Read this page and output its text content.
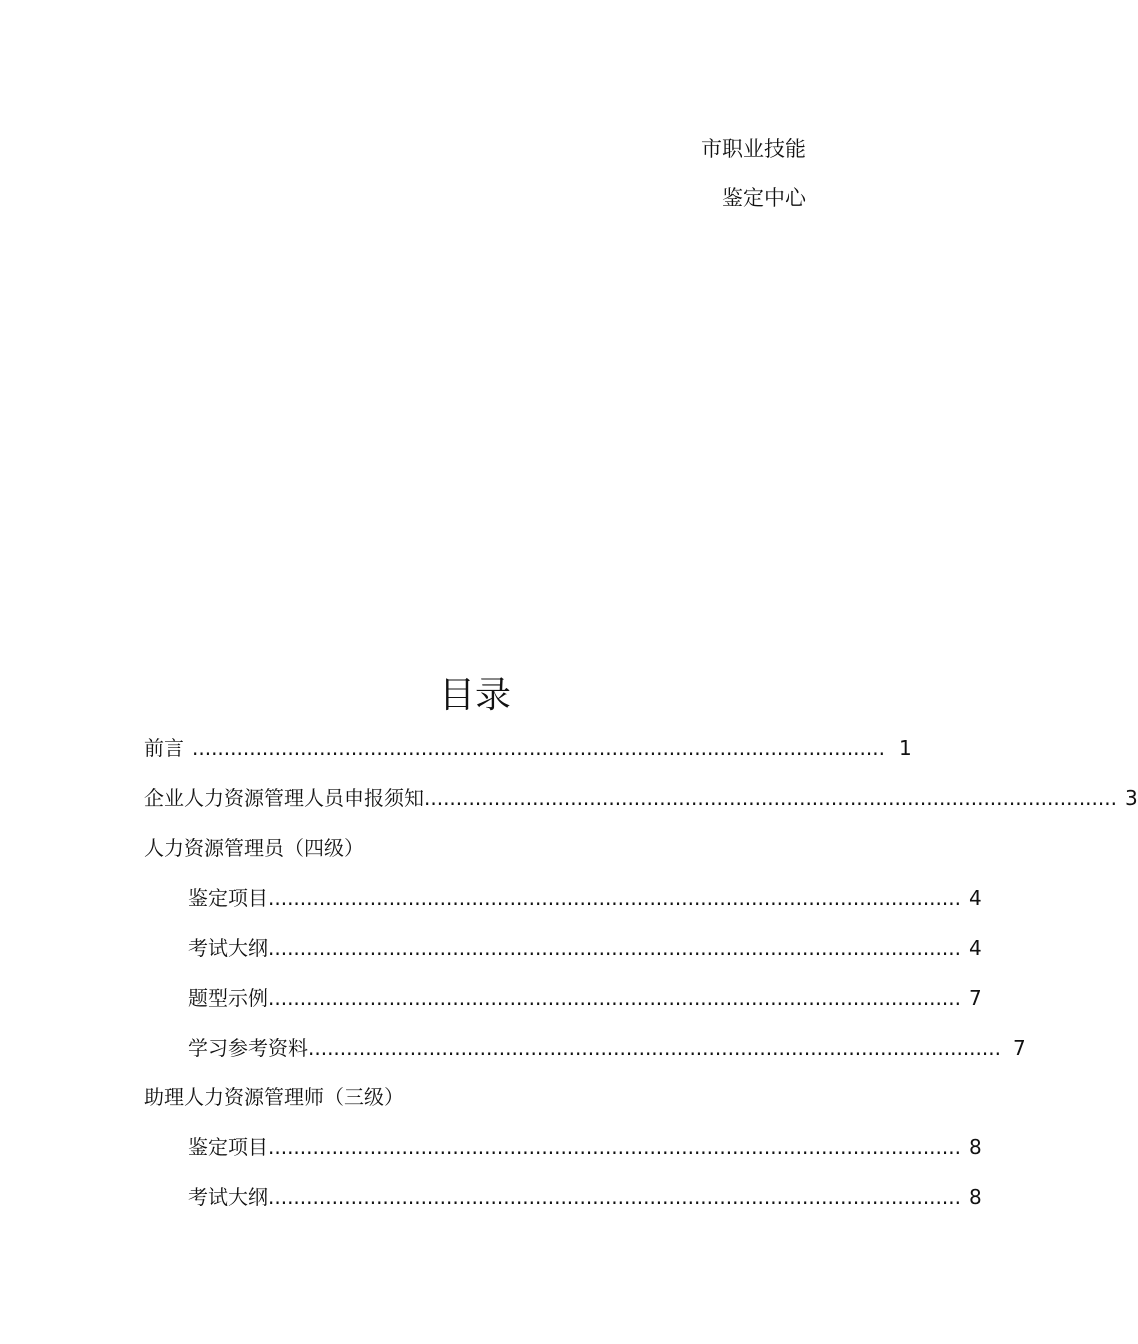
市职业技能
鉴定中心
目录
前言 ............................................................................................................. 1
企业人力资源管理人员申报须知 ............................................................................................................. 3
人力资源管理员（四级）
鉴定项目 ............................................................................................................. 4
考试大纲 ............................................................................................................. 4
题型示例 ............................................................................................................. 7
学习参考资料 ............................................................................................................. 7
助理人力资源管理师（三级）
鉴定项目 ............................................................................................................. 8
考试大纲 ............................................................................................................. 8
